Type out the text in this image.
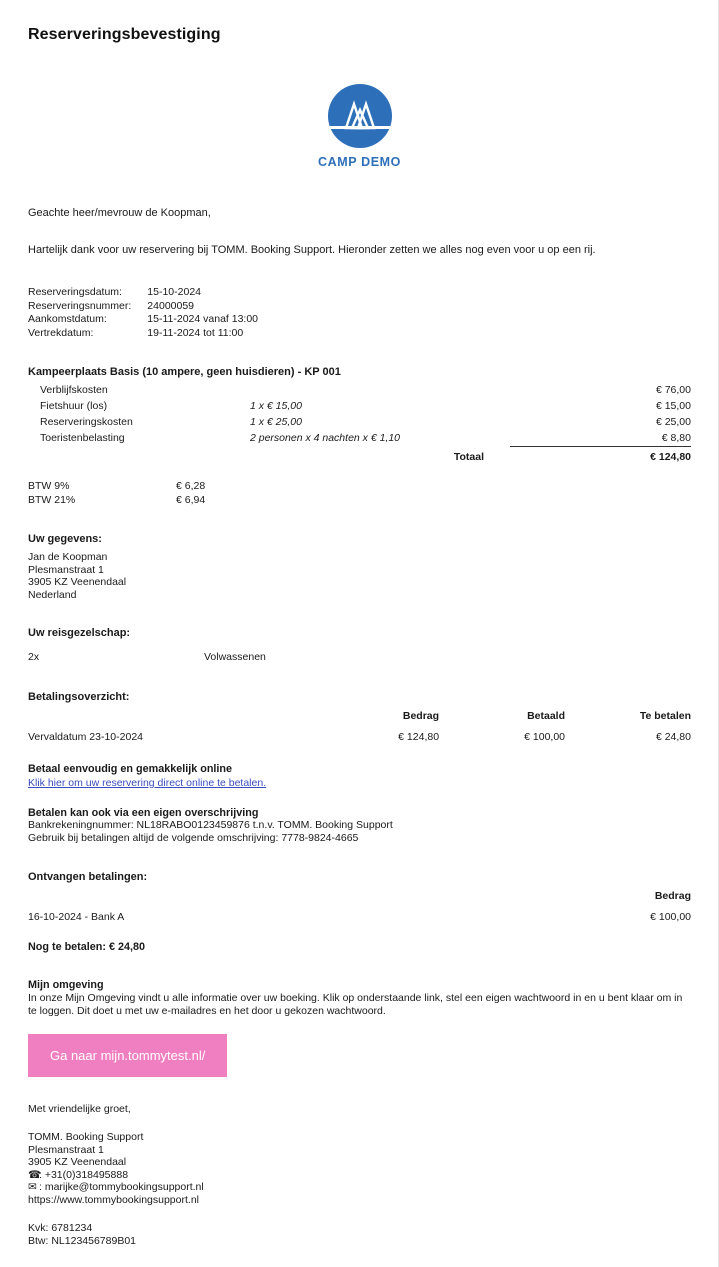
Reserveringsbevestiging
CAMP DEMO
Geachte heer/mevrouw de Koopman,
Hartelijk dank voor uw reservering bij TOMM. Booking Support. Hieronder zetten we alles nog even voor u op een rij.
Reserveringsdatum:	15-10-2024
Reserveringsnummer:	24000059
Aankomstdatum:	15-11-2024 vanaf 13:00
Vertrekdatum:	19-11-2024 tot 11:00
Kampeerplaats Basis (10 ampere, geen huisdieren) - KP 001
Verblijfskosten		€ 76,00
Fietshuur (los)	1 x € 15,00	€ 15,00
Reserveringskosten	1 x € 25,00	€ 25,00
Toeristenbelasting	2 personen x 4 nachten x € 1,10	€ 8,80
	Totaal	€ 124,80
BTW 9%	€ 6,28
BTW 21%	€ 6,94
Uw gegevens:
Jan de Koopman
Plesmanstraat 1
3905 KZ Veenendaal
Nederland
Uw reisgezelschap:
2x	Volwassenen
Betalingsoverzicht:
	Bedrag	Betaald	Te betalen
Vervaldatum 23-10-2024	€ 124,80	€ 100,00	€ 24,80
Betaal eenvoudig en gemakkelijk online
Klik hier om uw reservering direct online te betalen.
Betalen kan ook via een eigen overschrijving
Bankrekeningnummer: NL18RABO0123459876 t.n.v. TOMM. Booking Support
Gebruik bij betalingen altijd de volgende omschrijving: 7778-9824-4665
Ontvangen betalingen:
			Bedrag
16-10-2024 - Bank A			€ 100,00
Nog te betalen: € 24,80
Mijn omgeving
In onze Mijn Omgeving vindt u alle informatie over uw boeking. Klik op onderstaande link, stel een eigen wachtwoord in en u bent klaar om in te loggen. Dit doet u met uw e-mailadres en het door u gekozen wachtwoord.
Ga naar mijn.tommytest.nl/
Met vriendelijke groet,
TOMM. Booking Support
Plesmanstraat 1
3905 KZ Veenendaal
☎: +31(0)318495888
✉ : marijke@tommybookingsupport.nl
https://www.tommybookingsupport.nl
Kvk: 6781234
Btw: NL123456789B01
